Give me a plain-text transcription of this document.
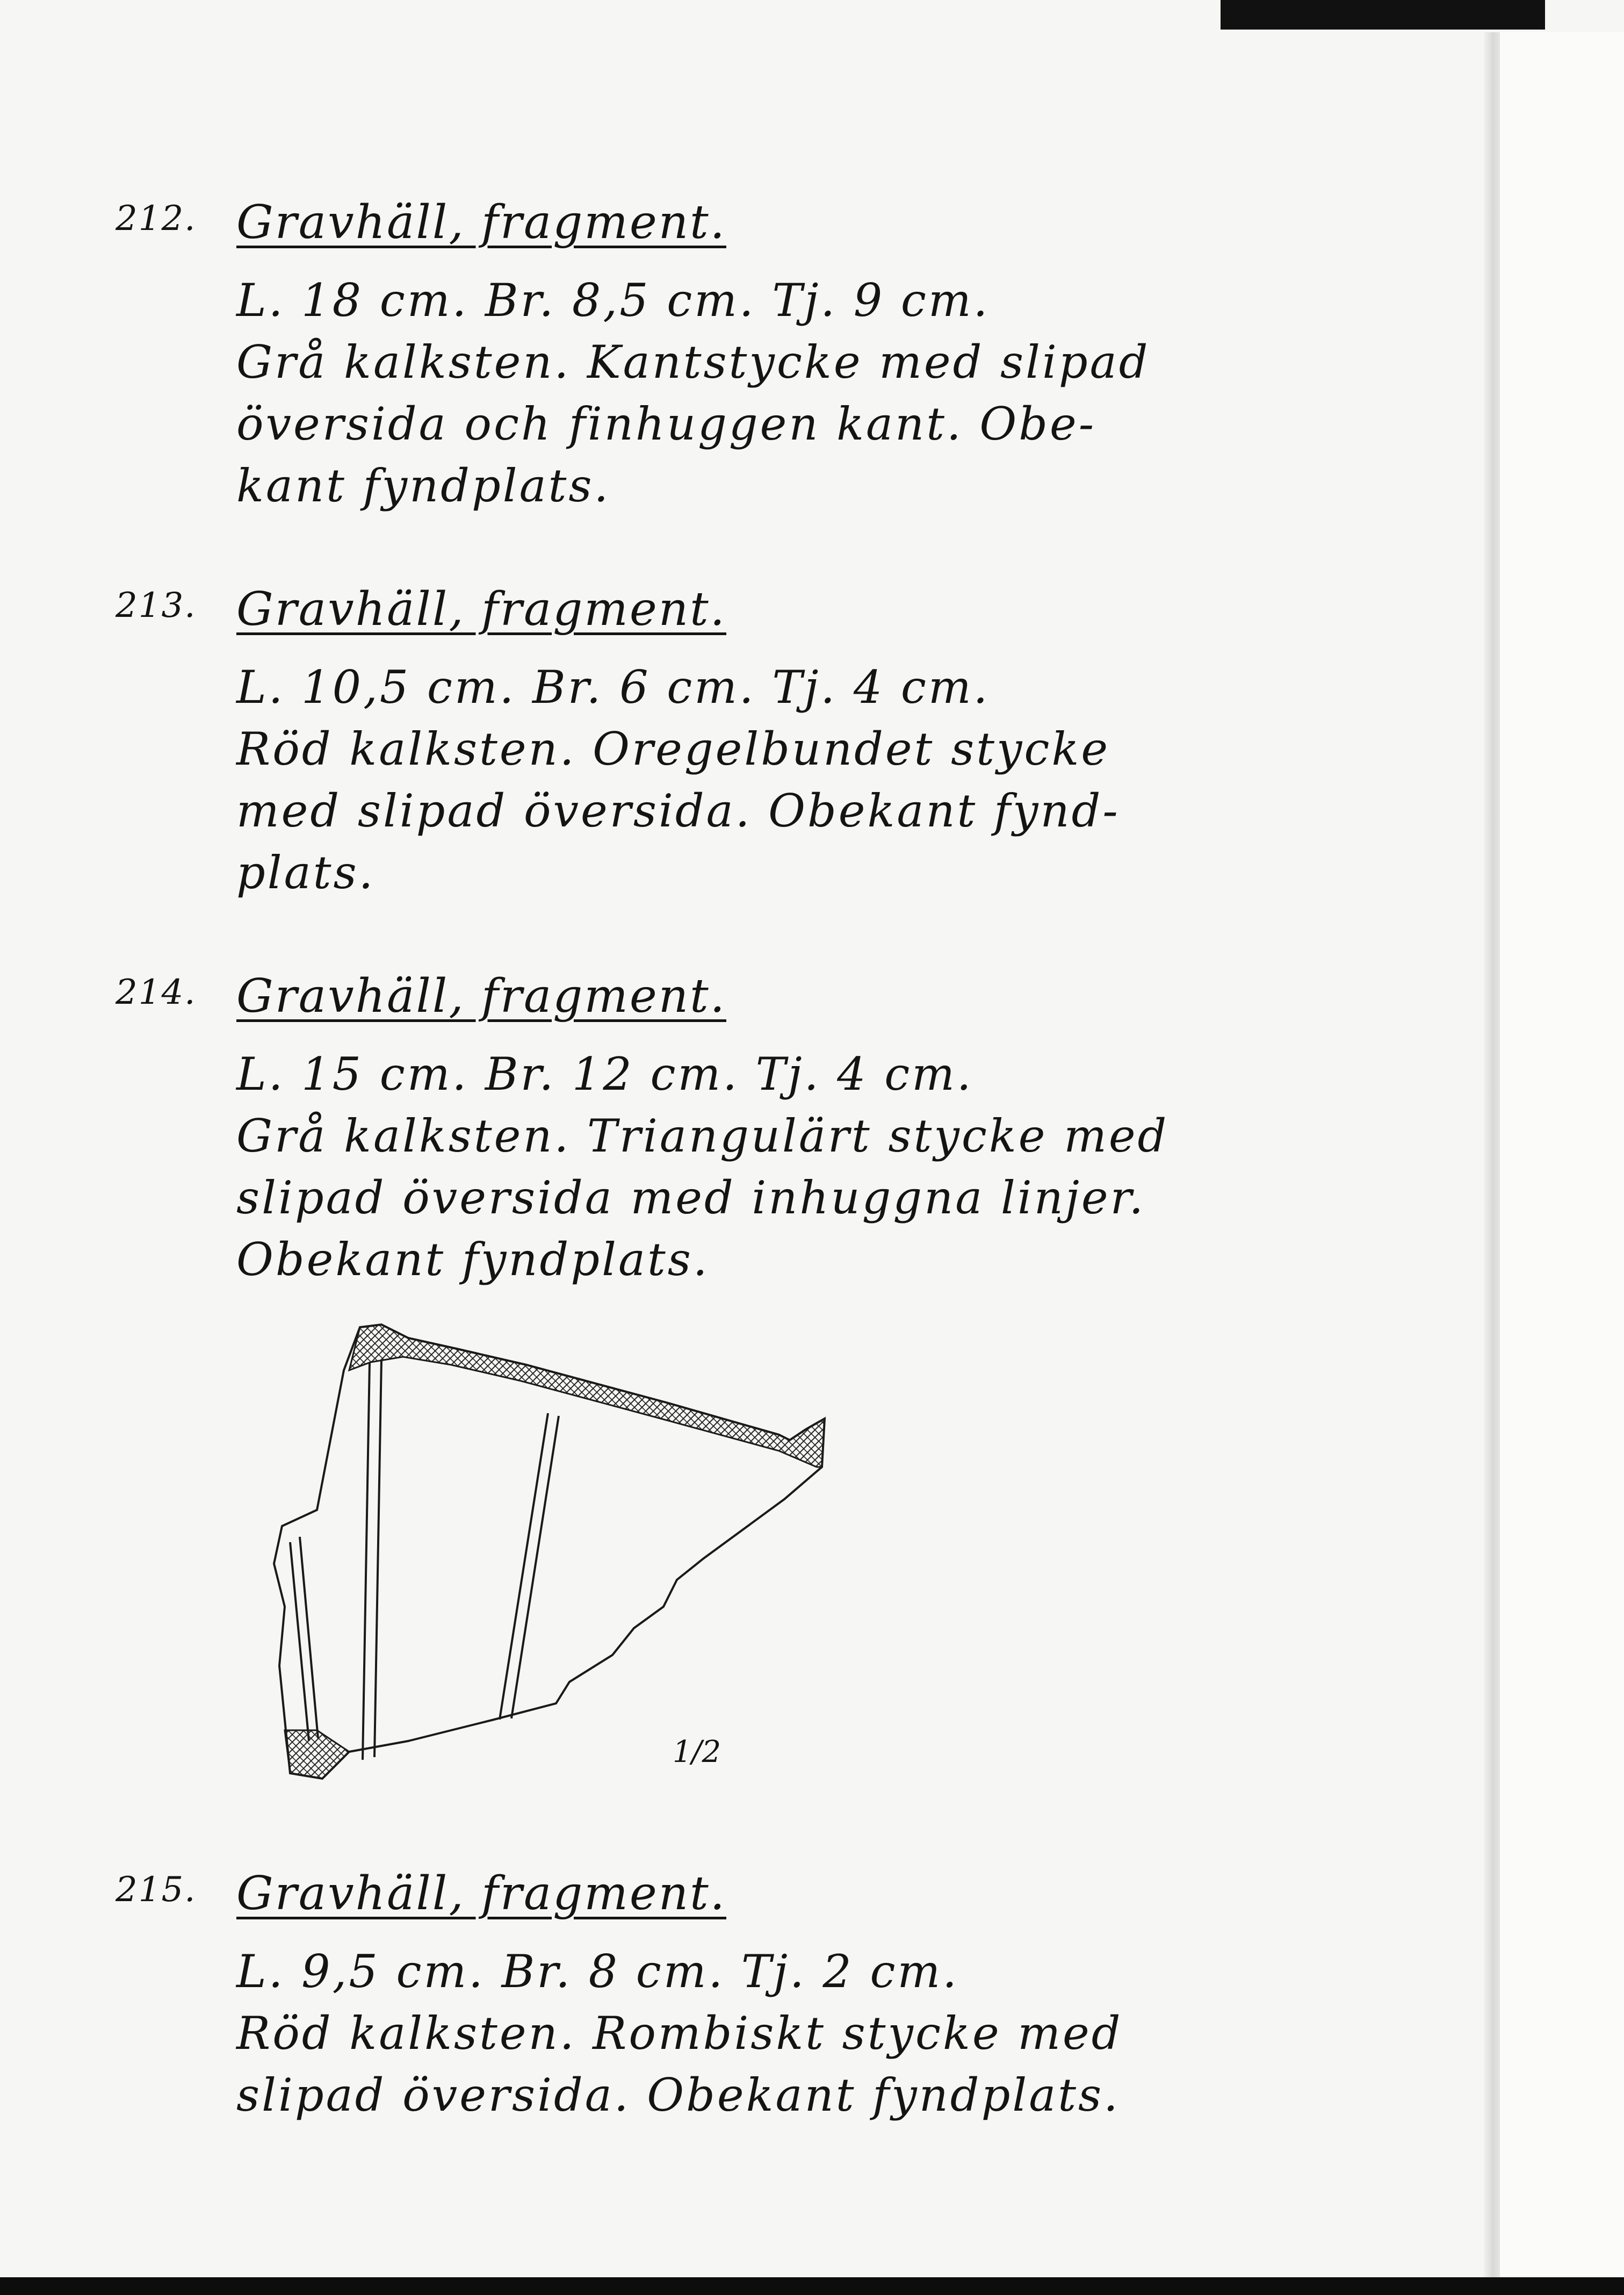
212. Gravhäll, fragment.
L. 18 cm. Br. 8,5 cm. Tj. 9 cm.
Grå kalksten. Kantstycke med slipad
översida och finhuggen kant. Obe-
kant fyndplats.
213. Gravhäll, fragment.
L. 10,5 cm. Br. 6 cm. Tj. 4 cm.
Röd kalksten. Oregelbundet stycke
med slipad översida. Obekant fynd-
plats.
214. Gravhäll, fragment.
L. 15 cm. Br. 12 cm. Tj. 4 cm.
Grå kalksten. Triangulärt stycke med
slipad översida med inhuggna linjer.
Obekant fyndplats.
1/2
215. Gravhäll, fragment.
L. 9,5 cm. Br. 8 cm. Tj. 2 cm.
Röd kalksten. Rombiskt stycke med
slipad översida. Obekant fyndplats.
